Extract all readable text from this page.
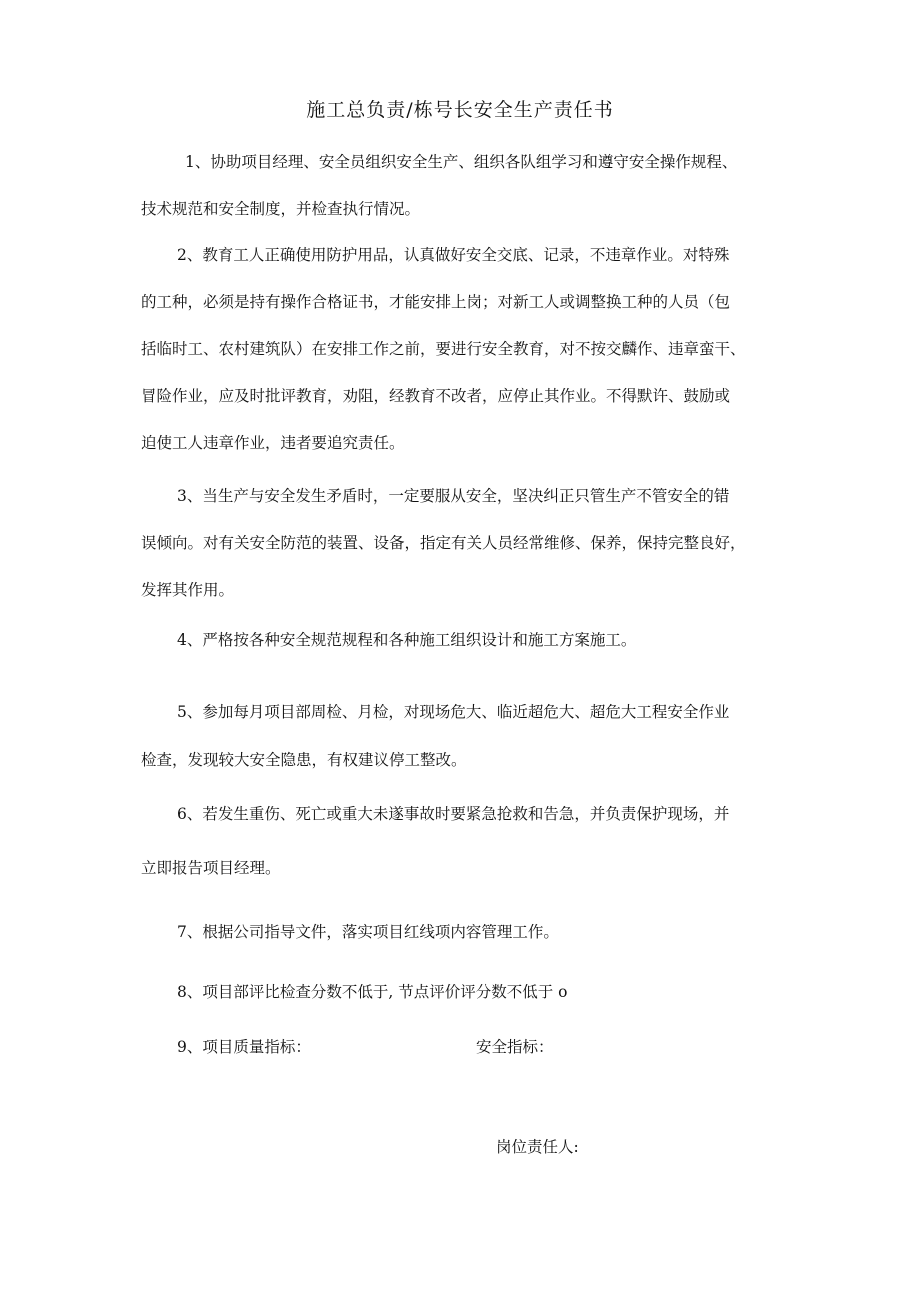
施工总负责/栋号长安全生产责任书
1、协助项目经理、安全员组织安全生产、组织各队组学习和遵守安全操作规程、
技术规范和安全制度，并检查执行情况。
2、教育工人正确使用防护用品，认真做好安全交底、记录，不违章作业。对特殊
的工种，必须是持有操作合格证书，才能安排上岗；对新工人或调整换工种的人员（包
括临时工、农村建筑队）在安排工作之前，要进行安全教育，对不按交麟作、违章蛮干、
冒险作业，应及时批评教育，劝阻，经教育不改者，应停止其作业。不得默许、鼓励或
迫使工人违章作业，违者要追究责任。
3、当生产与安全发生矛盾时，一定要服从安全，坚决纠正只管生产不管安全的错
误倾向。对有关安全防范的装置、设备，指定有关人员经常维修、保养，保持完整良好，
发挥其作用。
4、严格按各种安全规范规程和各种施工组织设计和施工方案施工。
5、参加每月项目部周检、月检，对现场危大、临近超危大、超危大工程安全作业
检查，发现较大安全隐患，有权建议停工整改。
6、若发生重伤、死亡或重大未遂事故时要紧急抢救和告急，并负责保护现场，并
立即报告项目经理。
7、根据公司指导文件，落实项目红线项内容管理工作。
8、项目部评比检查分数不低于, 节点评价评分数不低于 o
9、项目质量指标：	安全指标：
岗位责任人:
